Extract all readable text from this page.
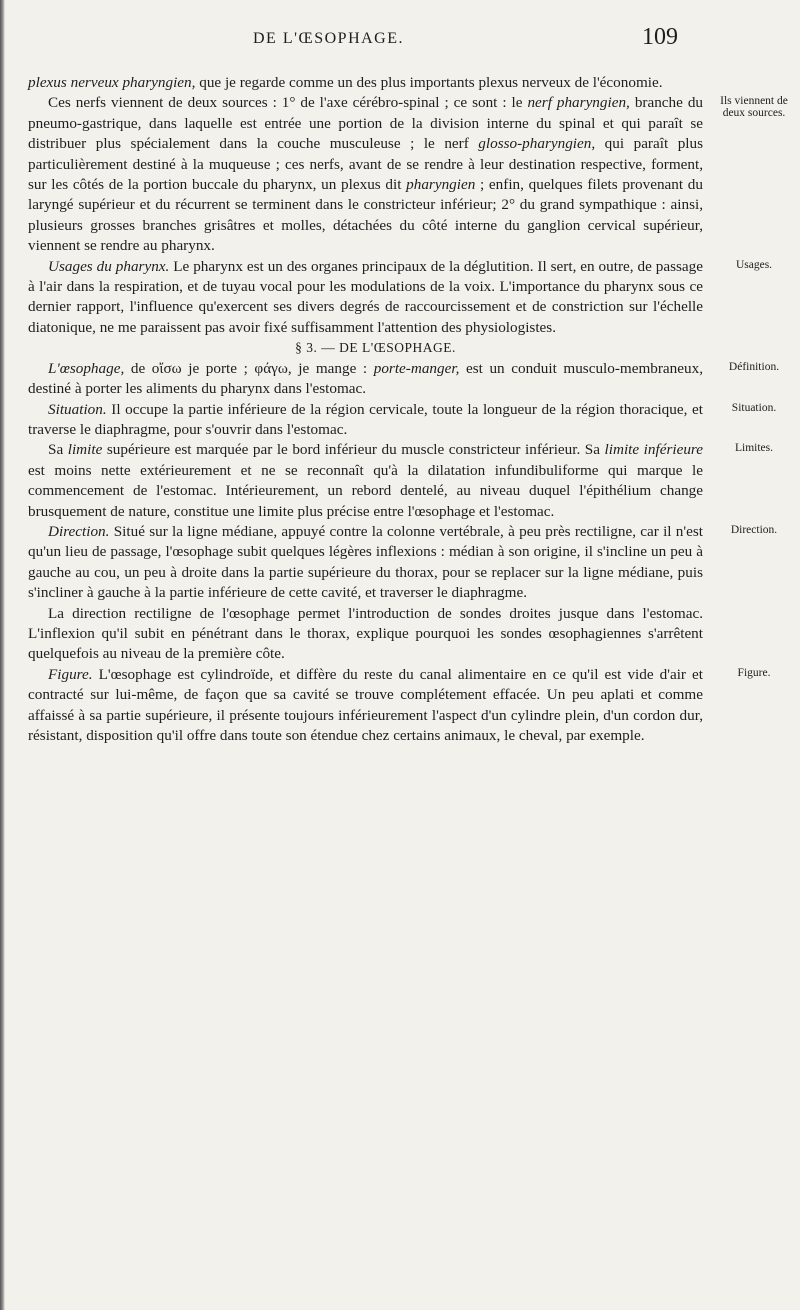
DE L'ŒSOPHAGE.	109

plexus nerveux pharyngien, que je regarde comme un des plus importants plexus nerveux de l'économie.

Ces nerfs viennent de deux sources : 1° de l'axe cérébro-spinal ; ce sont : le nerf pharyngien, branche du pneumo-gastrique, dans laquelle est entrée une portion de la division interne du spinal et qui paraît se distribuer plus spécialement dans la couche musculeuse ; le nerf glosso-pharyngien, qui paraît plus particulièrement destiné à la muqueuse ; ces nerfs, avant de se rendre à leur destination respective, forment, sur les côtés de la portion buccale du pharynx, un plexus dit pharyngien ; enfin, quelques filets provenant du laryngé supérieur et du récurrent se terminent dans le constricteur inférieur; 2° du grand sympathique : ainsi, plusieurs grosses branches grisâtres et molles, détachées du côté interne du ganglion cervical supérieur, viennent se rendre au pharynx.

Usages du pharynx. Le pharynx est un des organes principaux de la déglutition. Il sert, en outre, de passage à l'air dans la respiration, et de tuyau vocal pour les modulations de la voix. L'importance du pharynx sous ce dernier rapport, l'influence qu'exercent ses divers degrés de raccourcissement et de constriction sur l'échelle diatonique, ne me paraissent pas avoir fixé suffisamment l'attention des physiologistes.

§ 3. — DE L'ŒSOPHAGE.

L'œsophage, de οἴσω je porte ; φάγω, je mange : porte-manger, est un conduit musculo-membraneux, destiné à porter les aliments du pharynx dans l'estomac.

Situation. Il occupe la partie inférieure de la région cervicale, toute la longueur de la région thoracique, et traverse le diaphragme, pour s'ouvrir dans l'estomac.

Sa limite supérieure est marquée par le bord inférieur du muscle constricteur inférieur. Sa limite inférieure est moins nette extérieurement et ne se reconnaît qu'à la dilatation infundibuliforme qui marque le commencement de l'estomac. Intérieurement, un rebord dentelé, au niveau duquel l'épithélium change brusquement de nature, constitue une limite plus précise entre l'œsophage et l'estomac.

Direction. Situé sur la ligne médiane, appuyé contre la colonne vertébrale, à peu près rectiligne, car il n'est qu'un lieu de passage, l'œsophage subit quelques légères inflexions : médian à son origine, il s'incline un peu à gauche au cou, un peu à droite dans la partie supérieure du thorax, pour se replacer sur la ligne médiane, puis s'incliner à gauche à la partie inférieure de cette cavité, et traverser le diaphragme.

La direction rectiligne de l'œsophage permet l'introduction de sondes droites jusque dans l'estomac. L'inflexion qu'il subit en pénétrant dans le thorax, explique pourquoi les sondes œsophagiennes s'arrêtent quelquefois au niveau de la première côte.

Figure. L'œsophage est cylindroïde, et diffère du reste du canal alimentaire en ce qu'il est vide d'air et contracté sur lui-même, de façon que sa cavité se trouve complétement effacée. Un peu aplati et comme affaissé à sa partie supérieure, il présente toujours inférieurement l'aspect d'un cylindre plein, d'un cordon dur, résistant, disposition qu'il offre dans toute son étendue chez certains animaux, le cheval, par exemple.

Ils viennent de deux sources.
Usages.
Définition.
Situation.
Limites.
Direction.
Figure.
